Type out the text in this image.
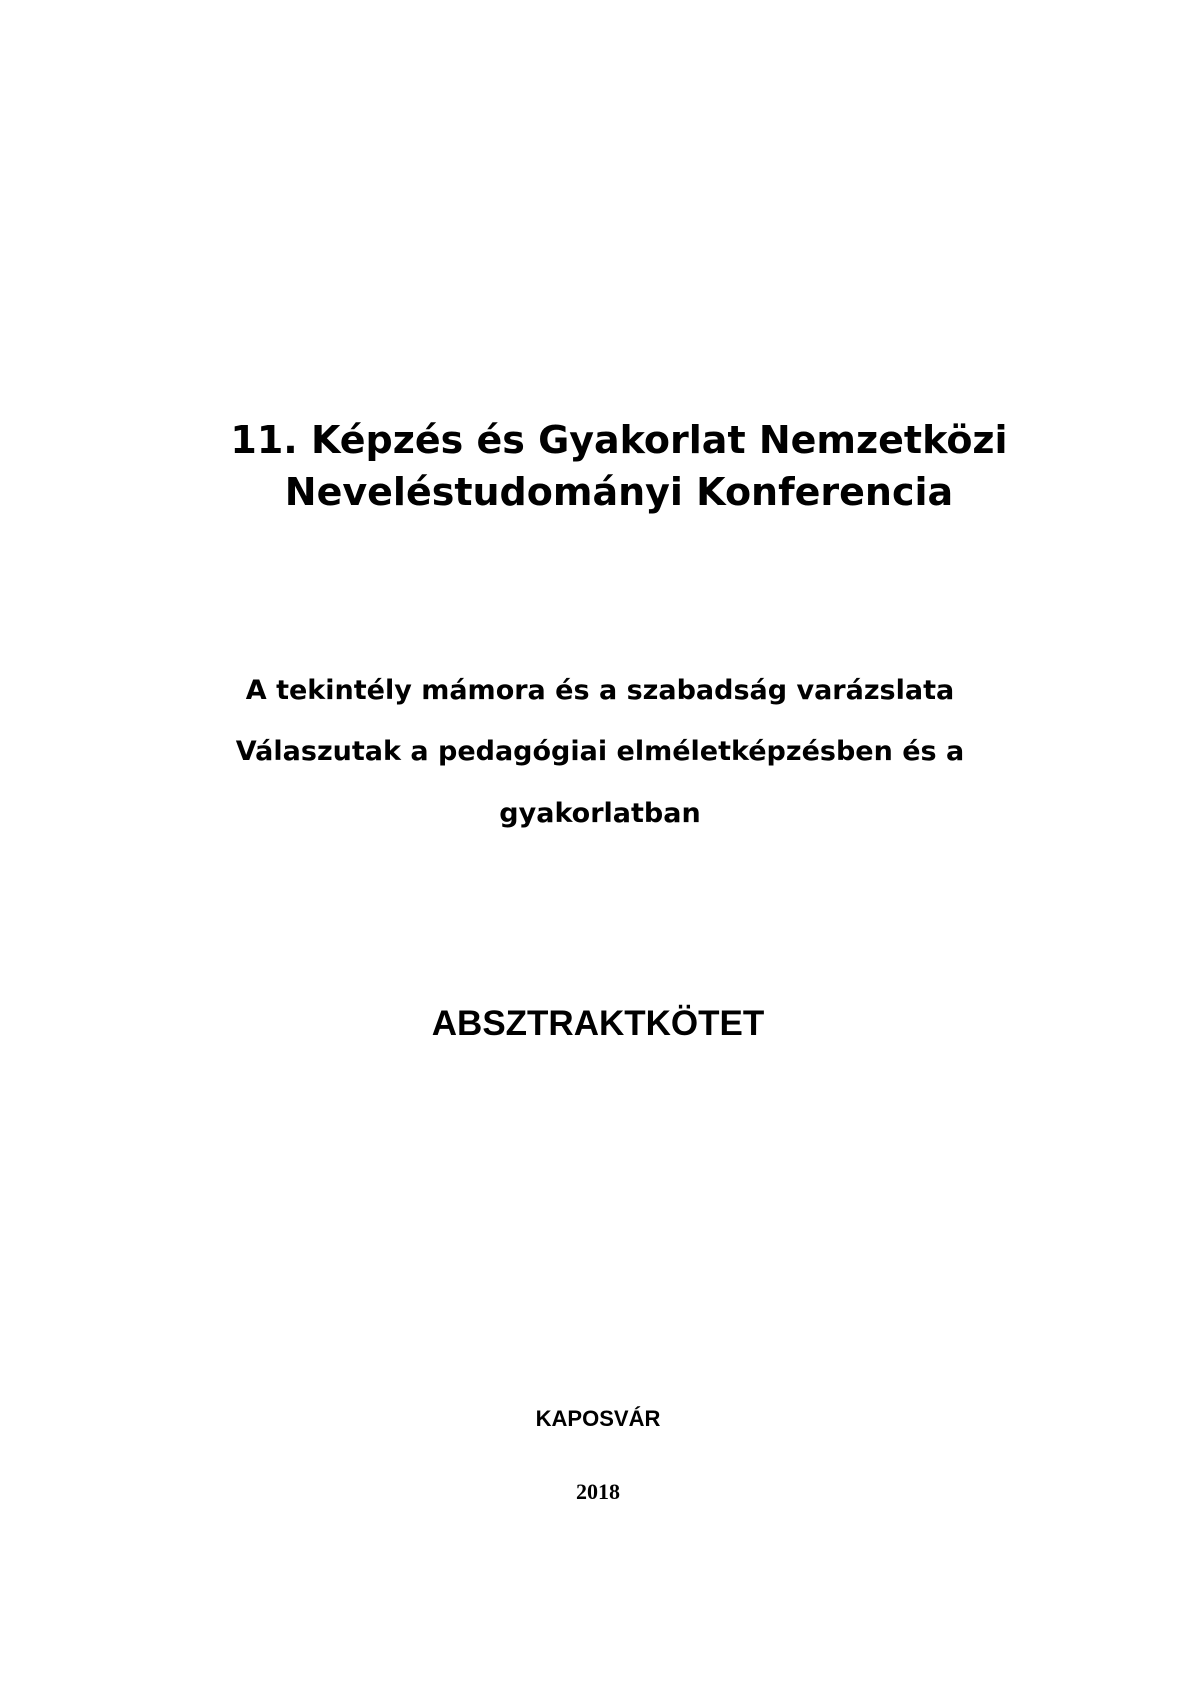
11. Képzés és Gyakorlat Nemzetközi
Neveléstudományi Konferencia
A tekintély mámora és a szabadság varázslata
Válaszutak a pedagógiai elméletképzésben és a
gyakorlatban
ABSZTRAKTKÖTET
KAPOSVÁR
2018
